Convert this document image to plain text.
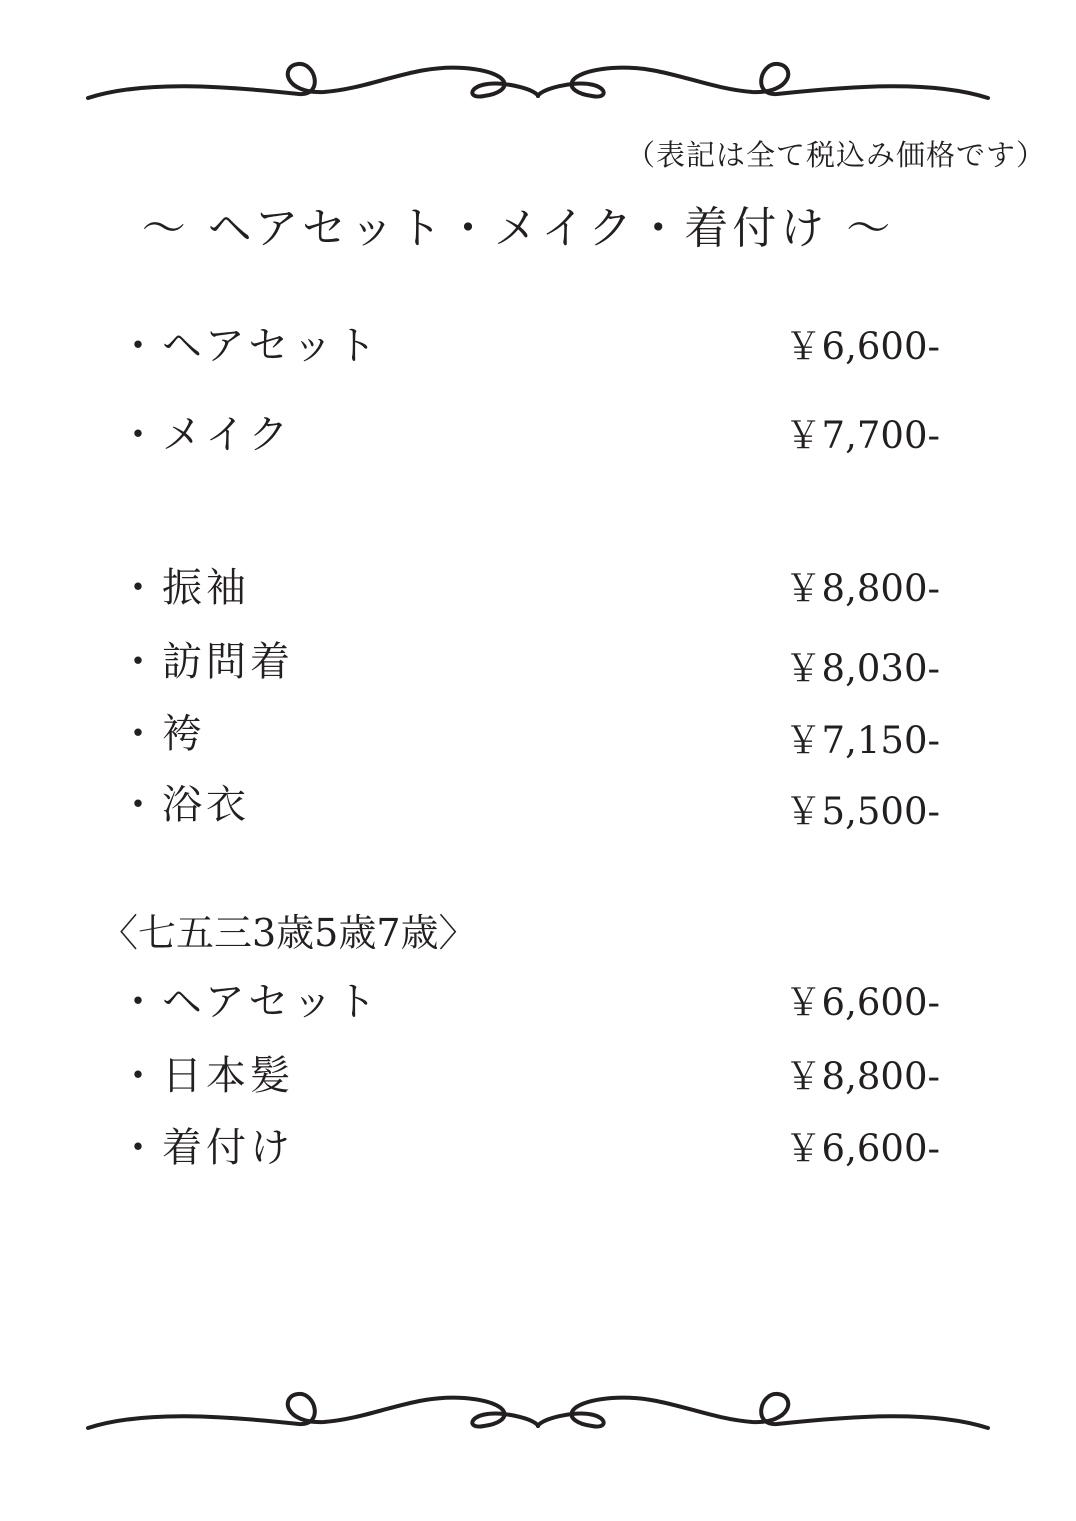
（表記は全て税込み価格です）
～ ヘアセット・メイク・着付け ～
・ヘアセット	￥6,600-
・メイク	￥7,700-
・振袖	￥8,800-
・訪問着	￥8,030-
・袴	￥7,150-
・浴衣	￥5,500-
〈七五三3歳5歳7歳〉
・ヘアセット	￥6,600-
・日本髪	￥8,800-
・着付け	￥6,600-
